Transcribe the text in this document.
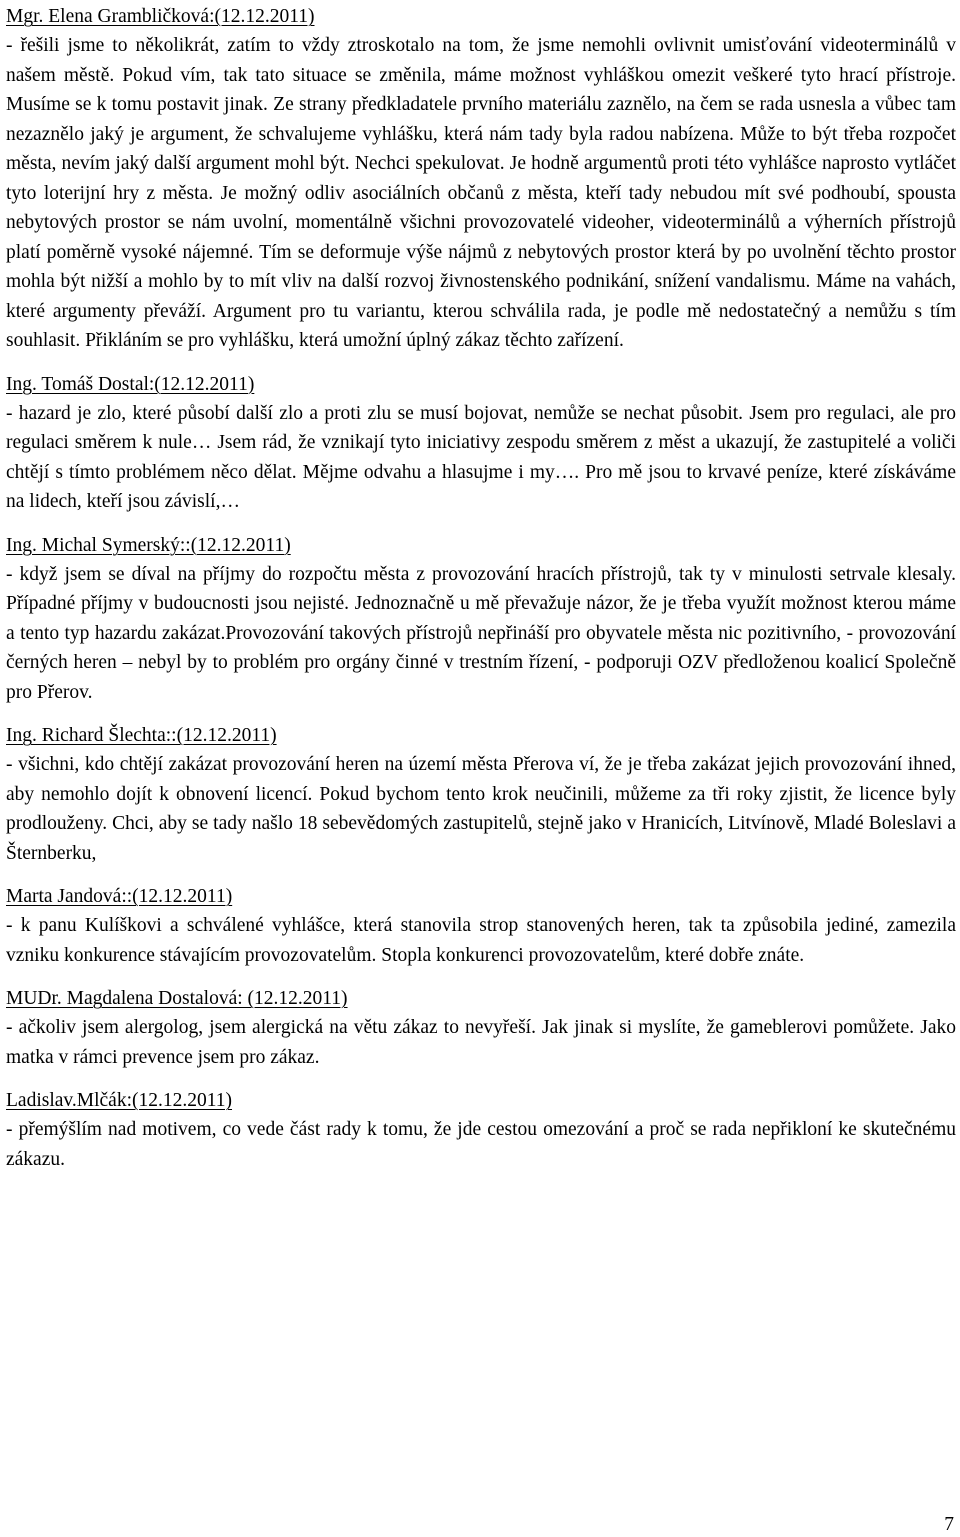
Mgr. Elena Grambličková:(12.12.2011)

- řešili jsme to několikrát, zatím to vždy ztroskotalo na tom, že jsme nemohli ovlivnit umisťování videoterminálů v našem městě. Pokud vím, tak tato situace se změnila, máme možnost vyhláškou omezit veškeré tyto hrací přístroje. Musíme se k tomu postavit jinak. Ze strany předkladatele prvního materiálu zaznělo, na čem se rada usnesla a vůbec tam nezaznělo jaký je argument, že schvalujeme vyhlášku, která nám tady byla radou nabízena. Může to být třeba rozpočet města, nevím jaký další argument mohl být. Nechci spekulovat. Je hodně argumentů proti této vyhlášce naprosto vytláčet tyto loterijní hry z města. Je možný odliv asociálních občanů z města, kteří tady nebudou mít své podhoubí, spousta nebytových prostor se nám uvolní, momentálně všichni provozovatelé videoher, videoterminálů a výherních přístrojů platí poměrně vysoké nájemné. Tím se deformuje výše nájmů z nebytových prostor která by po uvolnění těchto prostor mohla být nižší a mohlo by to mít vliv na další rozvoj živnostenského podnikání, snížení vandalismu. Máme na vahách, které argumenty převáží. Argument pro tu variantu, kterou schválila rada, je podle mě nedostatečný a nemůžu s tím souhlasit. Přikláním se pro vyhlášku, která umožní úplný zákaz těchto zařízení.

Ing. Tomáš Dostal:(12.12.2011)

- hazard je zlo, které působí další zlo a proti zlu se musí bojovat, nemůže se nechat působit. Jsem pro regulaci, ale pro regulaci směrem k nule… Jsem rád, že vznikají tyto iniciativy zespodu směrem z měst a ukazují, že zastupitelé a voliči chtějí s tímto problémem něco dělat. Mějme odvahu a hlasujme i my…. Pro mě jsou to krvavé peníze, které získáváme na lidech, kteří jsou závislí,…

Ing. Michal Symerský::(12.12.2011)

- když jsem se díval na příjmy do rozpočtu města z provozování hracích přístrojů, tak ty v minulosti setrvale klesaly. Případné příjmy v budoucnosti jsou nejisté. Jednoznačně u mě převažuje názor, že je třeba využít možnost kterou máme a tento typ hazardu zakázat.Provozování takových přístrojů nepřináší pro obyvatele města nic pozitivního, - provozování černých heren – nebyl by to problém pro orgány činné v trestním řízení, - podporuji OZV předloženou koalicí Společně pro Přerov.

Ing. Richard Šlechta::(12.12.2011)

- všichni, kdo chtějí zakázat provozování heren na území města Přerova ví, že je třeba zakázat jejich provozování ihned, aby nemohlo dojít k obnovení licencí. Pokud bychom tento krok neučinili, můžeme za tři roky zjistit, že licence byly prodlouženy. Chci, aby se tady našlo 18 sebevědomých zastupitelů, stejně jako v Hranicích, Litvínově, Mladé Boleslavi a Šternberku,

Marta Jandová::(12.12.2011)

- k panu Kulíškovi a schválené vyhlášce, která stanovila strop stanovených heren, tak ta způsobila jediné, zamezila vzniku konkurence stávajícím provozovatelům. Stopla konkurenci provozovatelům, které dobře znáte.

MUDr. Magdalena Dostalová: (12.12.2011)

- ačkoliv jsem alergolog, jsem alergická na větu zákaz to nevyřeší. Jak jinak si myslíte, že gameblerovi pomůžete. Jako matka v rámci prevence jsem pro zákaz.

Ladislav.Mlčák:(12.12.2011)

- přemýšlím nad motivem, co vede část rady k tomu, že jde cestou omezování a proč se rada nepřikloní ke skutečnému zákazu.

7
